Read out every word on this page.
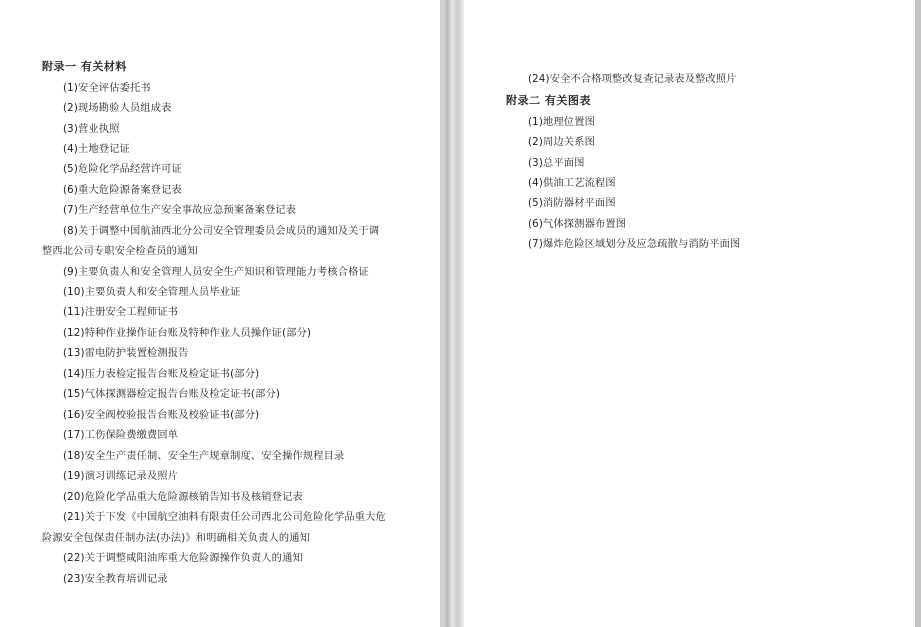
附录一 有关材料
(1)安全评估委托书
(2)现场勘验人员组成表
(3)营业执照
(4)土地登记证
(5)危险化学品经营许可证
(6)重大危险源备案登记表
(7)生产经营单位生产安全事故应急预案备案登记表
(8)关于调整中国航油西北分公司安全管理委员会成员的通知及关于调
整西北公司专职安全检查员的通知
(9)主要负责人和安全管理人员安全生产知识和管理能力考核合格证
(10)主要负责人和安全管理人员毕业证
(11)注册安全工程师证书
(12)特种作业操作证台账及特种作业人员操作证(部分)
(13)雷电防护装置检测报告
(14)压力表检定报告台账及检定证书(部分)
(15)气体探测器检定报告台账及检定证书(部分)
(16)安全阀校验报告台账及校验证书(部分)
(17)工伤保险费缴费回单
(18)安全生产责任制、安全生产规章制度、安全操作规程目录
(19)演习训练记录及照片
(20)危险化学品重大危险源核销告知书及核销登记表
(21)关于下发《中国航空油料有限责任公司西北公司危险化学品重大危
险源安全包保责任制办法(办法)》和明确相关负责人的通知
(22)关于调整咸阳油库重大危险源操作负责人的通知
(23)安全教育培训记录
(24)安全不合格项整改复查记录表及整改照片
附录二 有关图表
(1)地理位置图
(2)周边关系图
(3)总平面图
(4)供油工艺流程图
(5)消防器材平面图
(6)气体探测器布置图
(7)爆炸危险区域划分及应急疏散与消防平面图
